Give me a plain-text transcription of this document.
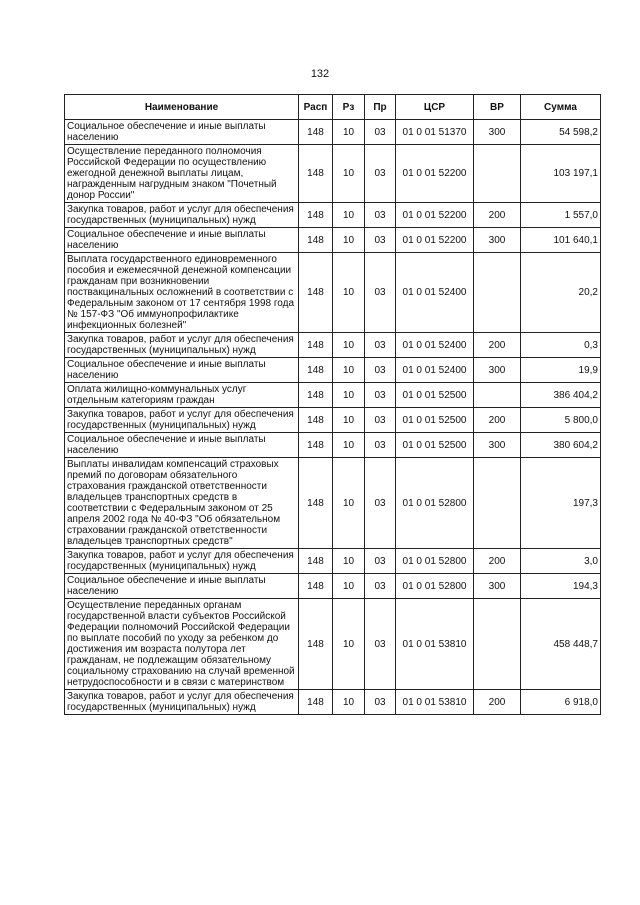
132
Наименование	Расп	Рз	Пр	ЦСР	ВР	Сумма
Социальное обеспечение и иные выплаты населению	148	10	03	01 0 01 51370	300	54 598,2
Осуществление переданного полномочия Российской Федерации по осуществлению ежегодной денежной выплаты лицам, награжденным нагрудным знаком "Почетный донор России"	148	10	03	01 0 01 52200		103 197,1
Закупка товаров, работ и услуг для обеспечения государственных (муниципальных) нужд	148	10	03	01 0 01 52200	200	1 557,0
Социальное обеспечение и иные выплаты населению	148	10	03	01 0 01 52200	300	101 640,1
Выплата государственного единовременного пособия и ежемесячной денежной компенсации гражданам при возникновении поствакцинальных осложнений в соответствии с Федеральным законом от 17 сентября 1998 года № 157-ФЗ "Об иммунопрофилактике инфекционных болезней"	148	10	03	01 0 01 52400		20,2
Закупка товаров, работ и услуг для обеспечения государственных (муниципальных) нужд	148	10	03	01 0 01 52400	200	0,3
Социальное обеспечение и иные выплаты населению	148	10	03	01 0 01 52400	300	19,9
Оплата жилищно-коммунальных услуг отдельным категориям граждан	148	10	03	01 0 01 52500		386 404,2
Закупка товаров, работ и услуг для обеспечения государственных (муниципальных) нужд	148	10	03	01 0 01 52500	200	5 800,0
Социальное обеспечение и иные выплаты населению	148	10	03	01 0 01 52500	300	380 604,2
Выплаты инвалидам компенсаций страховых премий по договорам обязательного страхования гражданской ответственности владельцев транспортных средств в соответствии с Федеральным законом от 25 апреля 2002 года № 40-ФЗ "Об обязательном страховании гражданской ответственности владельцев транспортных средств"	148	10	03	01 0 01 52800		197,3
Закупка товаров, работ и услуг для обеспечения государственных (муниципальных) нужд	148	10	03	01 0 01 52800	200	3,0
Социальное обеспечение и иные выплаты населению	148	10	03	01 0 01 52800	300	194,3
Осуществление переданных органам государственной власти субъектов Российской Федерации полномочий Российской Федерации по выплате пособий по уходу за ребенком до достижения им возраста полутора лет гражданам, не подлежащим обязательному социальному страхованию на случай временной нетрудоспособности и в связи с материнством	148	10	03	01 0 01 53810		458 448,7
Закупка товаров, работ и услуг для обеспечения государственных (муниципальных) нужд	148	10	03	01 0 01 53810	200	6 918,0
